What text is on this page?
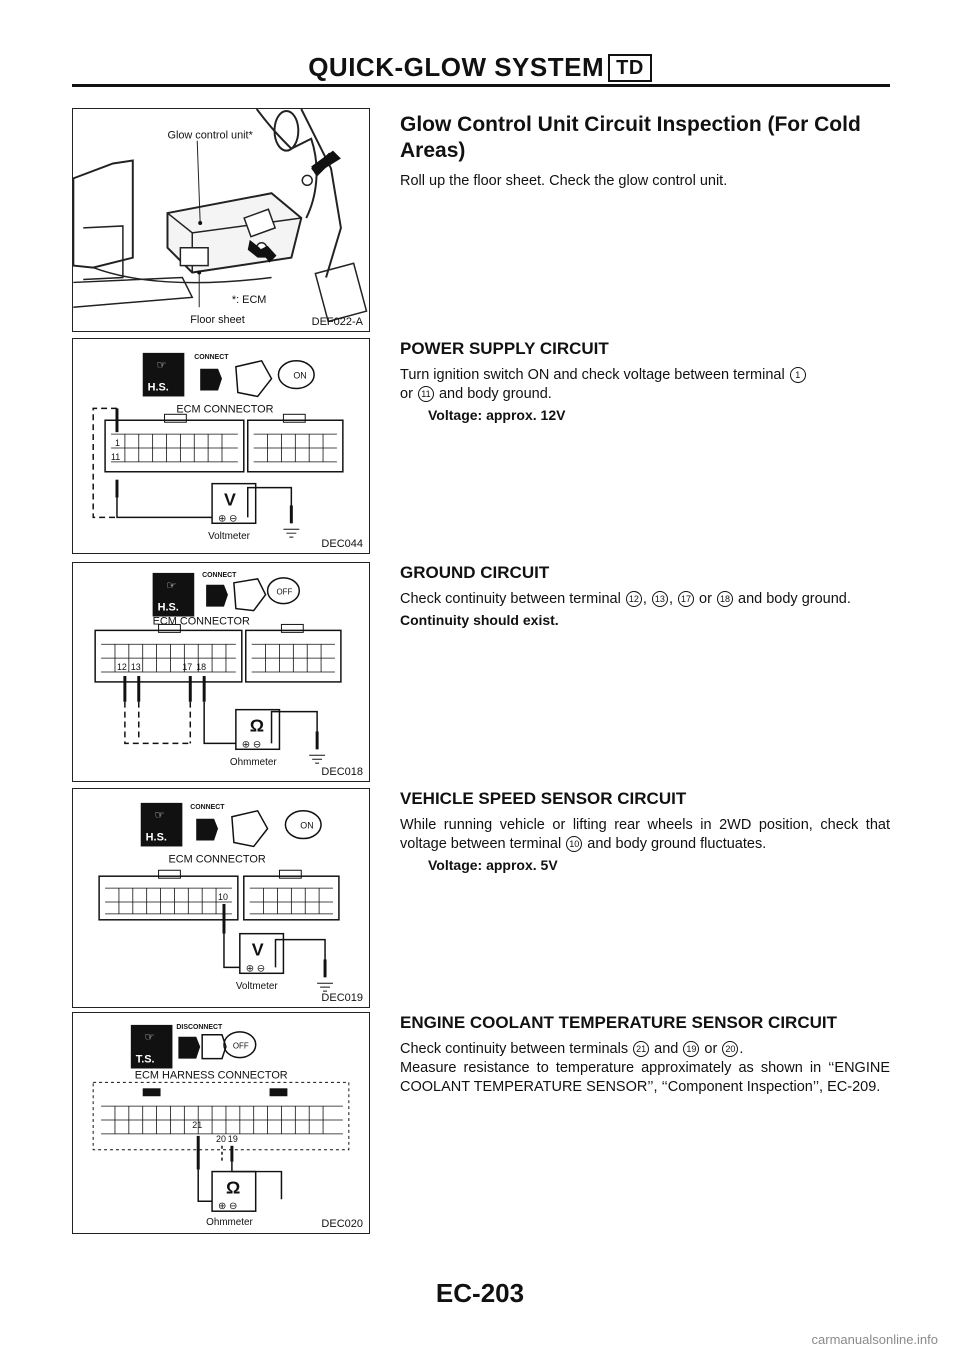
QUICK-GLOW SYSTEM TD
Glow control unit*
*: ECM
Floor sheet	DEF022-A
☞
H.S.
CONNECT
ON
ECM CONNECTOR
1
11
V
⊕ ⊖
Voltmeter
DEC044
☞
H.S.
CONNECT
OFF
ECM CONNECTOR
12 13	17 18
Ω
⊕ ⊖
Ohmmeter
DEC018
☞
H.S.
CONNECT
ON
ECM CONNECTOR
10
V
⊕ ⊖
Voltmeter
DEC019
☞
T.S.
DISCONNECT
OFF
ECM HARNESS CONNECTOR
21
20 19
Ω
⊕ ⊖
Ohmmeter	DEC020
Glow Control Unit Circuit Inspection (For Cold Areas)

Roll up the floor sheet. Check the glow control unit.

POWER SUPPLY CIRCUIT

Turn ignition switch ON and check voltage between terminal 1
or 11 and body ground.

Voltage: approx. 12V
GROUND CIRCUIT

Check continuity between terminal 12 , 13 , 17 or 18 and body ground.

Continuity should exist.
VEHICLE SPEED SENSOR CIRCUIT

While running vehicle or lifting rear wheels in 2WD position, check that voltage between terminal 10 and body ground fluctuates.

Voltage: approx. 5V
ENGINE COOLANT TEMPERATURE SENSOR CIRCUIT

Check continuity between terminals 21 and 19 or 20 .

Measure resistance to temperature approximately as shown in ‘‘ENGINE COOLANT TEMPERATURE SENSOR’’, ‘‘Component Inspection’’, EC-209.

EC-203
carmanualsonline.info
